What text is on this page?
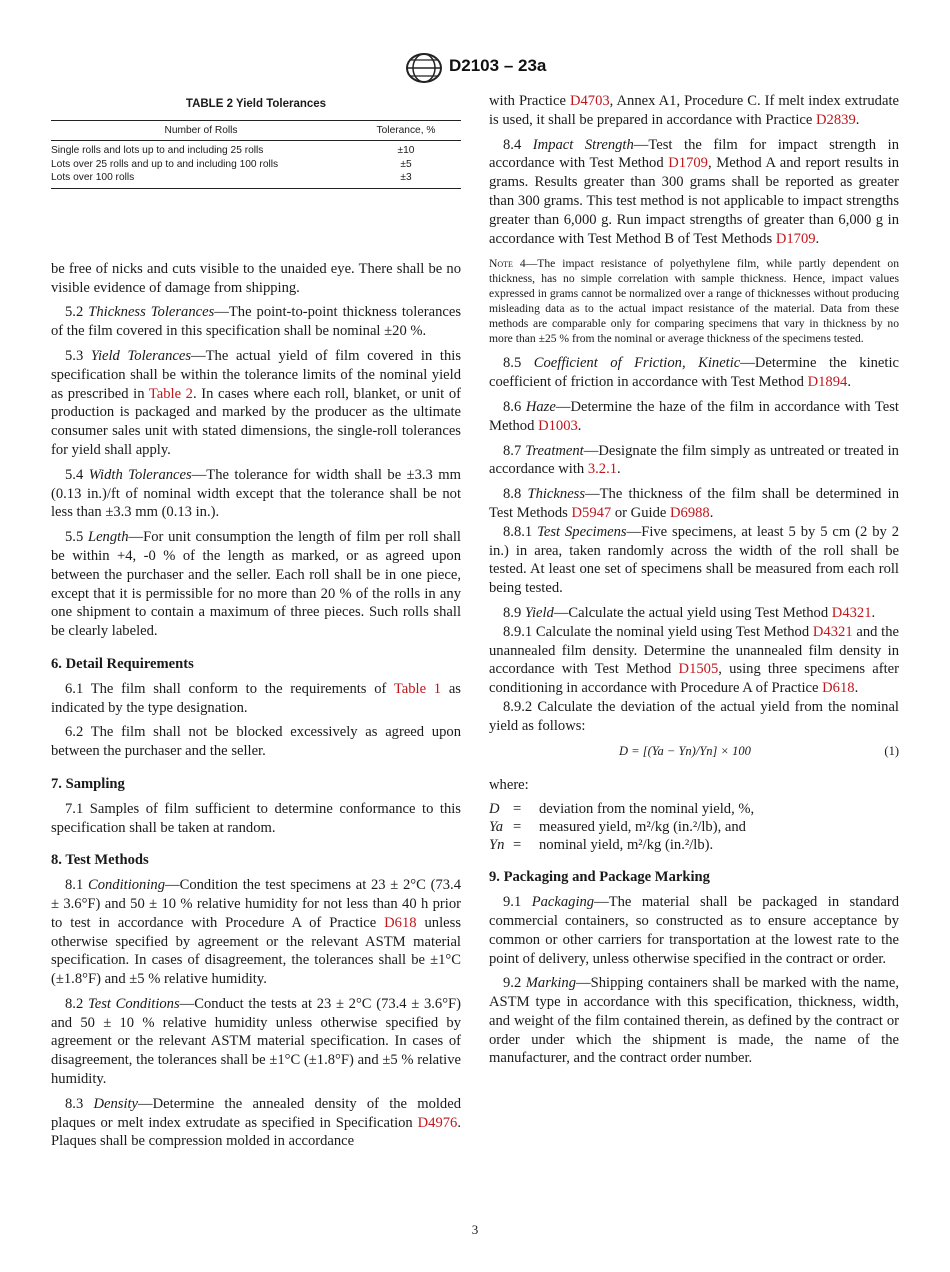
D2103 – 23a
TABLE 2 Yield Tolerances
Number of Rolls	Tolerance, %
Single rolls and lots up to and including 25 rolls	±10
Lots over 25 rolls and up to and including 100 rolls	±5
Lots over 100 rolls	±3

be free of nicks and cuts visible to the unaided eye. There shall be no visible evidence of damage from shipping.

5.2 Thickness Tolerances—The point-to-point thickness tolerances of the film covered in this specification shall be nominal ±20 %.

5.3 Yield Tolerances—The actual yield of film covered in this specification shall be within the tolerance limits of the nominal yield as prescribed in Table 2. In cases where each roll, blanket, or unit of production is packaged and marked by the producer as the ultimate consumer sales unit with stated dimensions, the single-roll tolerances for yield shall apply.

5.4 Width Tolerances—The tolerance for width shall be ±3.3 mm (0.13 in.)/ft of nominal width except that the tolerance shall be not less than ±3.3 mm (0.13 in.).

5.5 Length—For unit consumption the length of film per roll shall be within +4, -0 % of the length as marked, or as agreed upon between the purchaser and the seller. Each roll shall be in one piece, except that it is permissible for no more than 20 % of the rolls in any one shipment to contain a maximum of three pieces. Such rolls shall be clearly labeled.

6. Detail Requirements

6.1 The film shall conform to the requirements of Table 1 as indicated by the type designation.

6.2 The film shall not be blocked excessively as agreed upon between the purchaser and the seller.

7. Sampling

7.1 Samples of film sufficient to determine conformance to this specification shall be taken at random.

8. Test Methods

8.1 Conditioning—Condition the test specimens at 23 ± 2°C (73.4 ± 3.6°F) and 50 ± 10 % relative humidity for not less than 40 h prior to test in accordance with Procedure A of Practice D618 unless otherwise specified by agreement or the relevant ASTM material specification. In cases of disagreement, the tolerances shall be ±1°C (±1.8°F) and ±5 % relative humidity.

8.2 Test Conditions—Conduct the tests at 23 ± 2°C (73.4 ± 3.6°F) and 50 ± 10 % relative humidity unless otherwise specified by agreement or the relevant ASTM material specification. In cases of disagreement, the tolerances shall be ±1°C (±1.8°F) and ±5 % relative humidity.

8.3 Density—Determine the annealed density of the molded plaques or melt index extrudate as specified in Specification D4976. Plaques shall be compression molded in accordance

with Practice D4703, Annex A1, Procedure C. If melt index extrudate is used, it shall be prepared in accordance with Practice D2839.

8.4 Impact Strength—Test the film for impact strength in accordance with Test Method D1709, Method A and report results in grams. Results greater than 300 grams shall be reported as greater than 300 grams. This test method is not applicable to impact strengths greater than 6,000 g. Run impact strengths of greater than 6,000 g in accordance with Test Method B of Test Methods D1709.

Note 4—The impact resistance of polyethylene film, while partly dependent on thickness, has no simple correlation with sample thickness. Hence, impact values expressed in grams cannot be normalized over a range of thicknesses without producing misleading data as to the actual impact resistance of the material. Data from these methods are comparable only for comparing specimens that vary in thickness by no more than ±25 % from the nominal or average thickness of the specimens tested.

8.5 Coefficient of Friction, Kinetic—Determine the kinetic coefficient of friction in accordance with Test Method D1894.

8.6 Haze—Determine the haze of the film in accordance with Test Method D1003.

8.7 Treatment—Designate the film simply as untreated or treated in accordance with 3.2.1.

8.8 Thickness—The thickness of the film shall be determined in Test Methods D5947 or Guide D6988.

8.8.1 Test Specimens—Five specimens, at least 5 by 5 cm (2 by 2 in.) in area, taken randomly across the width of the roll shall be tested. At least one set of specimens shall be measured from each roll being tested.

8.9 Yield—Calculate the actual yield using Test Method D4321.

8.9.1 Calculate the nominal yield using Test Method D4321 and the unannealed film density. Determine the unannealed film density in accordance with Test Method D1505, using three specimens after conditioning in accordance with Procedure A of Practice D618.

8.9.2 Calculate the deviation of the actual yield from the nominal yield as follows:

D = [(Ya − Yn)/Yn] × 100	(1)

where:

D =	deviation from the nominal yield, %,
Ya =	measured yield, m²/kg (in.²/lb), and
Yn =	nominal yield, m²/kg (in.²/lb).
9. Packaging and Package Marking

9.1 Packaging—The material shall be packaged in standard commercial containers, so constructed as to ensure acceptance by common or other carriers for transportation at the lowest rate to the point of delivery, unless otherwise specified in the contract or order.

9.2 Marking—Shipping containers shall be marked with the name, ASTM type in accordance with this specification, thickness, width, and weight of the film contained therein, as defined by the contract or order under which the shipment is made, the name of the manufacturer, and the contract order number.

3
